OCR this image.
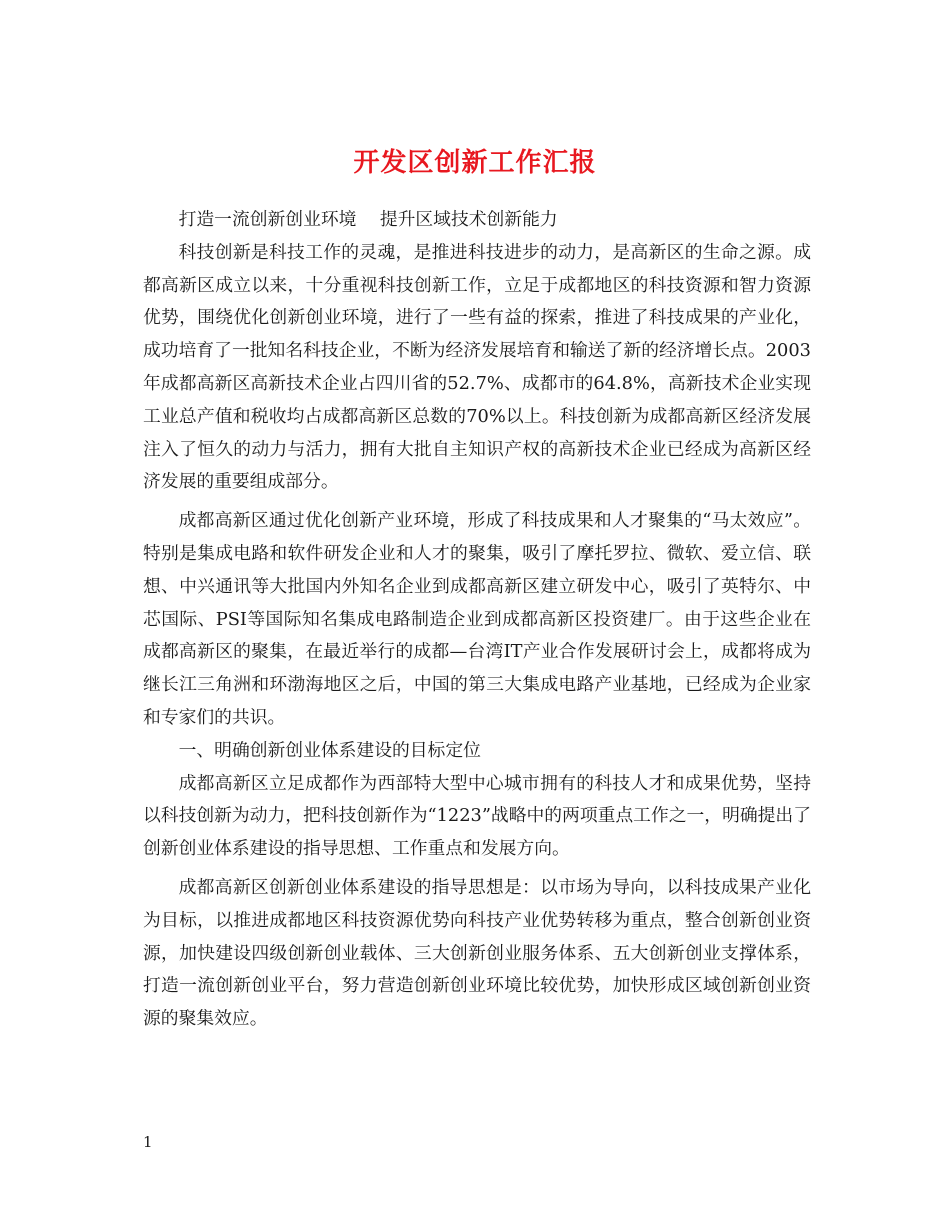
开发区创新工作汇报

打造一流创新创业环境　 提升区域技术创新能力

科技创新是科技工作的灵魂，是推进科技进步的动力，是高新区的生命之源。成都高新区成立以来，十分重视科技创新工作，立足于成都地区的科技资源和智力资源优势，围绕优化创新创业环境，进行了一些有益的探索，推进了科技成果的产业化，成功培育了一批知名科技企业，不断为经济发展培育和输送了新的经济增长点。2003年成都高新区高新技术企业占四川省的52.7%、成都市的64.8%，高新技术企业实现工业总产值和税收均占成都高新区总数的70%以上。科技创新为成都高新区经济发展注入了恒久的动力与活力，拥有大批自主知识产权的高新技术企业已经成为高新区经济发展的重要组成部分。

成都高新区通过优化创新产业环境，形成了科技成果和人才聚集的“马太效应”。特别是集成电路和软件研发企业和人才的聚集，吸引了摩托罗拉、微软、爱立信、联想、中兴通讯等大批国内外知名企业到成都高新区建立研发中心，吸引了英特尔、中芯国际、PSI等国际知名集成电路制造企业到成都高新区投资建厂。由于这些企业在成都高新区的聚集，在最近举行的成都—台湾IT产业合作发展研讨会上，成都将成为继长江三角洲和环渤海地区之后，中国的第三大集成电路产业基地，已经成为企业家和专家们的共识。

一、明确创新创业体系建设的目标定位

成都高新区立足成都作为西部特大型中心城市拥有的科技人才和成果优势，坚持以科技创新为动力，把科技创新作为“1223”战略中的两项重点工作之一，明确提出了创新创业体系建设的指导思想、工作重点和发展方向。

成都高新区创新创业体系建设的指导思想是：以市场为导向，以科技成果产业化为目标，以推进成都地区科技资源优势向科技产业优势转移为重点，整合创新创业资源，加快建设四级创新创业载体、三大创新创业服务体系、五大创新创业支撑体系，打造一流创新创业平台，努力营造创新创业环境比较优势，加快形成区域创新创业资源的聚集效应。

1
